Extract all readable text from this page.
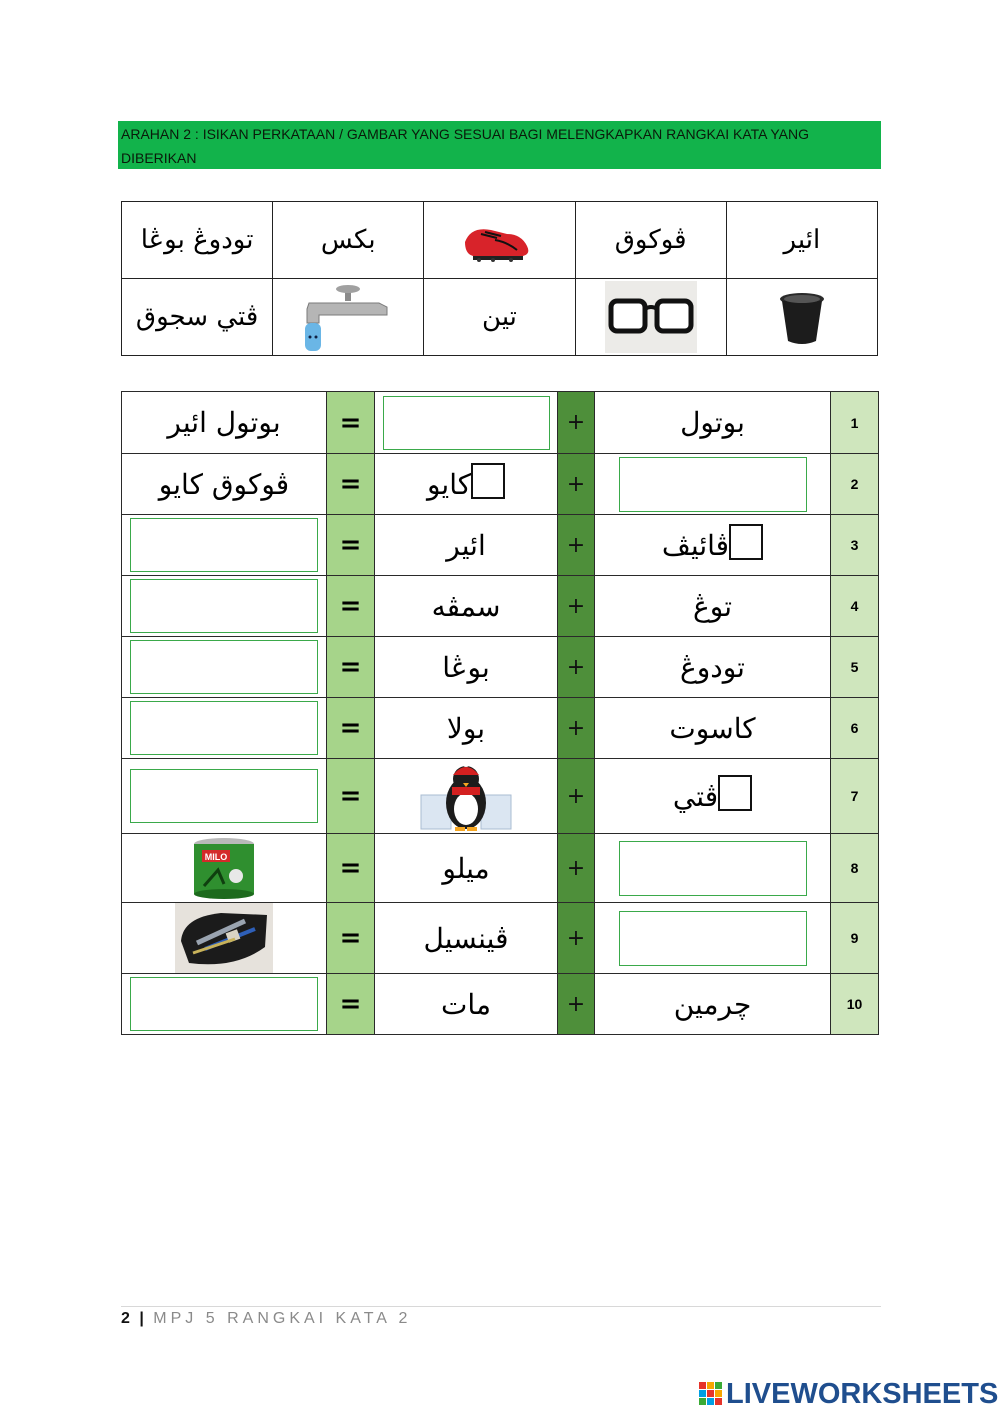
ARAHAN 2 : ISIKAN PERKATAAN / GAMBAR YANG SESUAI BAGI MELENGKAPKAN RANGKAI KATA YANG DIBERIKAN
تودوڠ بوڠا	بکس		ڤوکوق	ائير
ڤتي سجوق		تين		
بوتول ائير	=		+	بوتول	1
ڤوکوق کايو	=	کايو	+		2
	=	ائير	+	ڤائيڤ	3
	=	سمڤه	+	توڠ	4
	=	بوڠا	+	تودوڠ	5
	=	بولا	+	کاسوت	6
	=		+	ڤتي	7

MILO	=	ميلو	+		8
	=	ڤينسيل	+		9
	=	مات	+	چرمين	10
2 | MPJ 5 RANGKAI KATA 2
LIVEWORKSHEETS
